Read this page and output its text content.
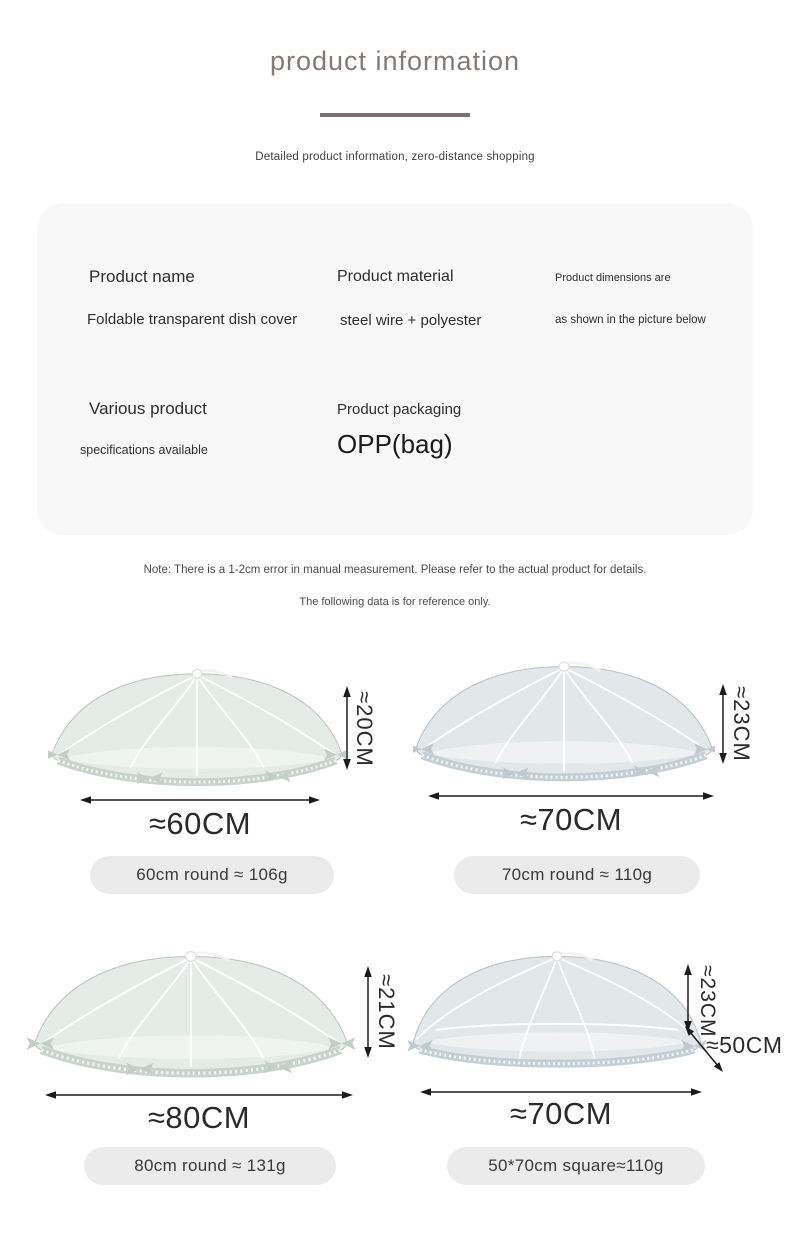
product information
Detailed product information, zero-distance shopping
Product name
Foldable transparent dish cover
Product material
steel wire + polyester
Product dimensions are
as shown in the picture below
Various product
specifications available
Product packaging
OPP(bag)
Note: There is a 1-2cm error in manual measurement. Please refer to the actual product for details.
The following data is for reference only.
≈20CM
≈60CM
60cm round ≈ 106g
≈23CM
≈70CM
70cm round ≈ 110g
≈21CM
≈80CM
80cm round ≈ 131g
≈23CM
≈50CM
≈70CM
50*70cm square≈110g
